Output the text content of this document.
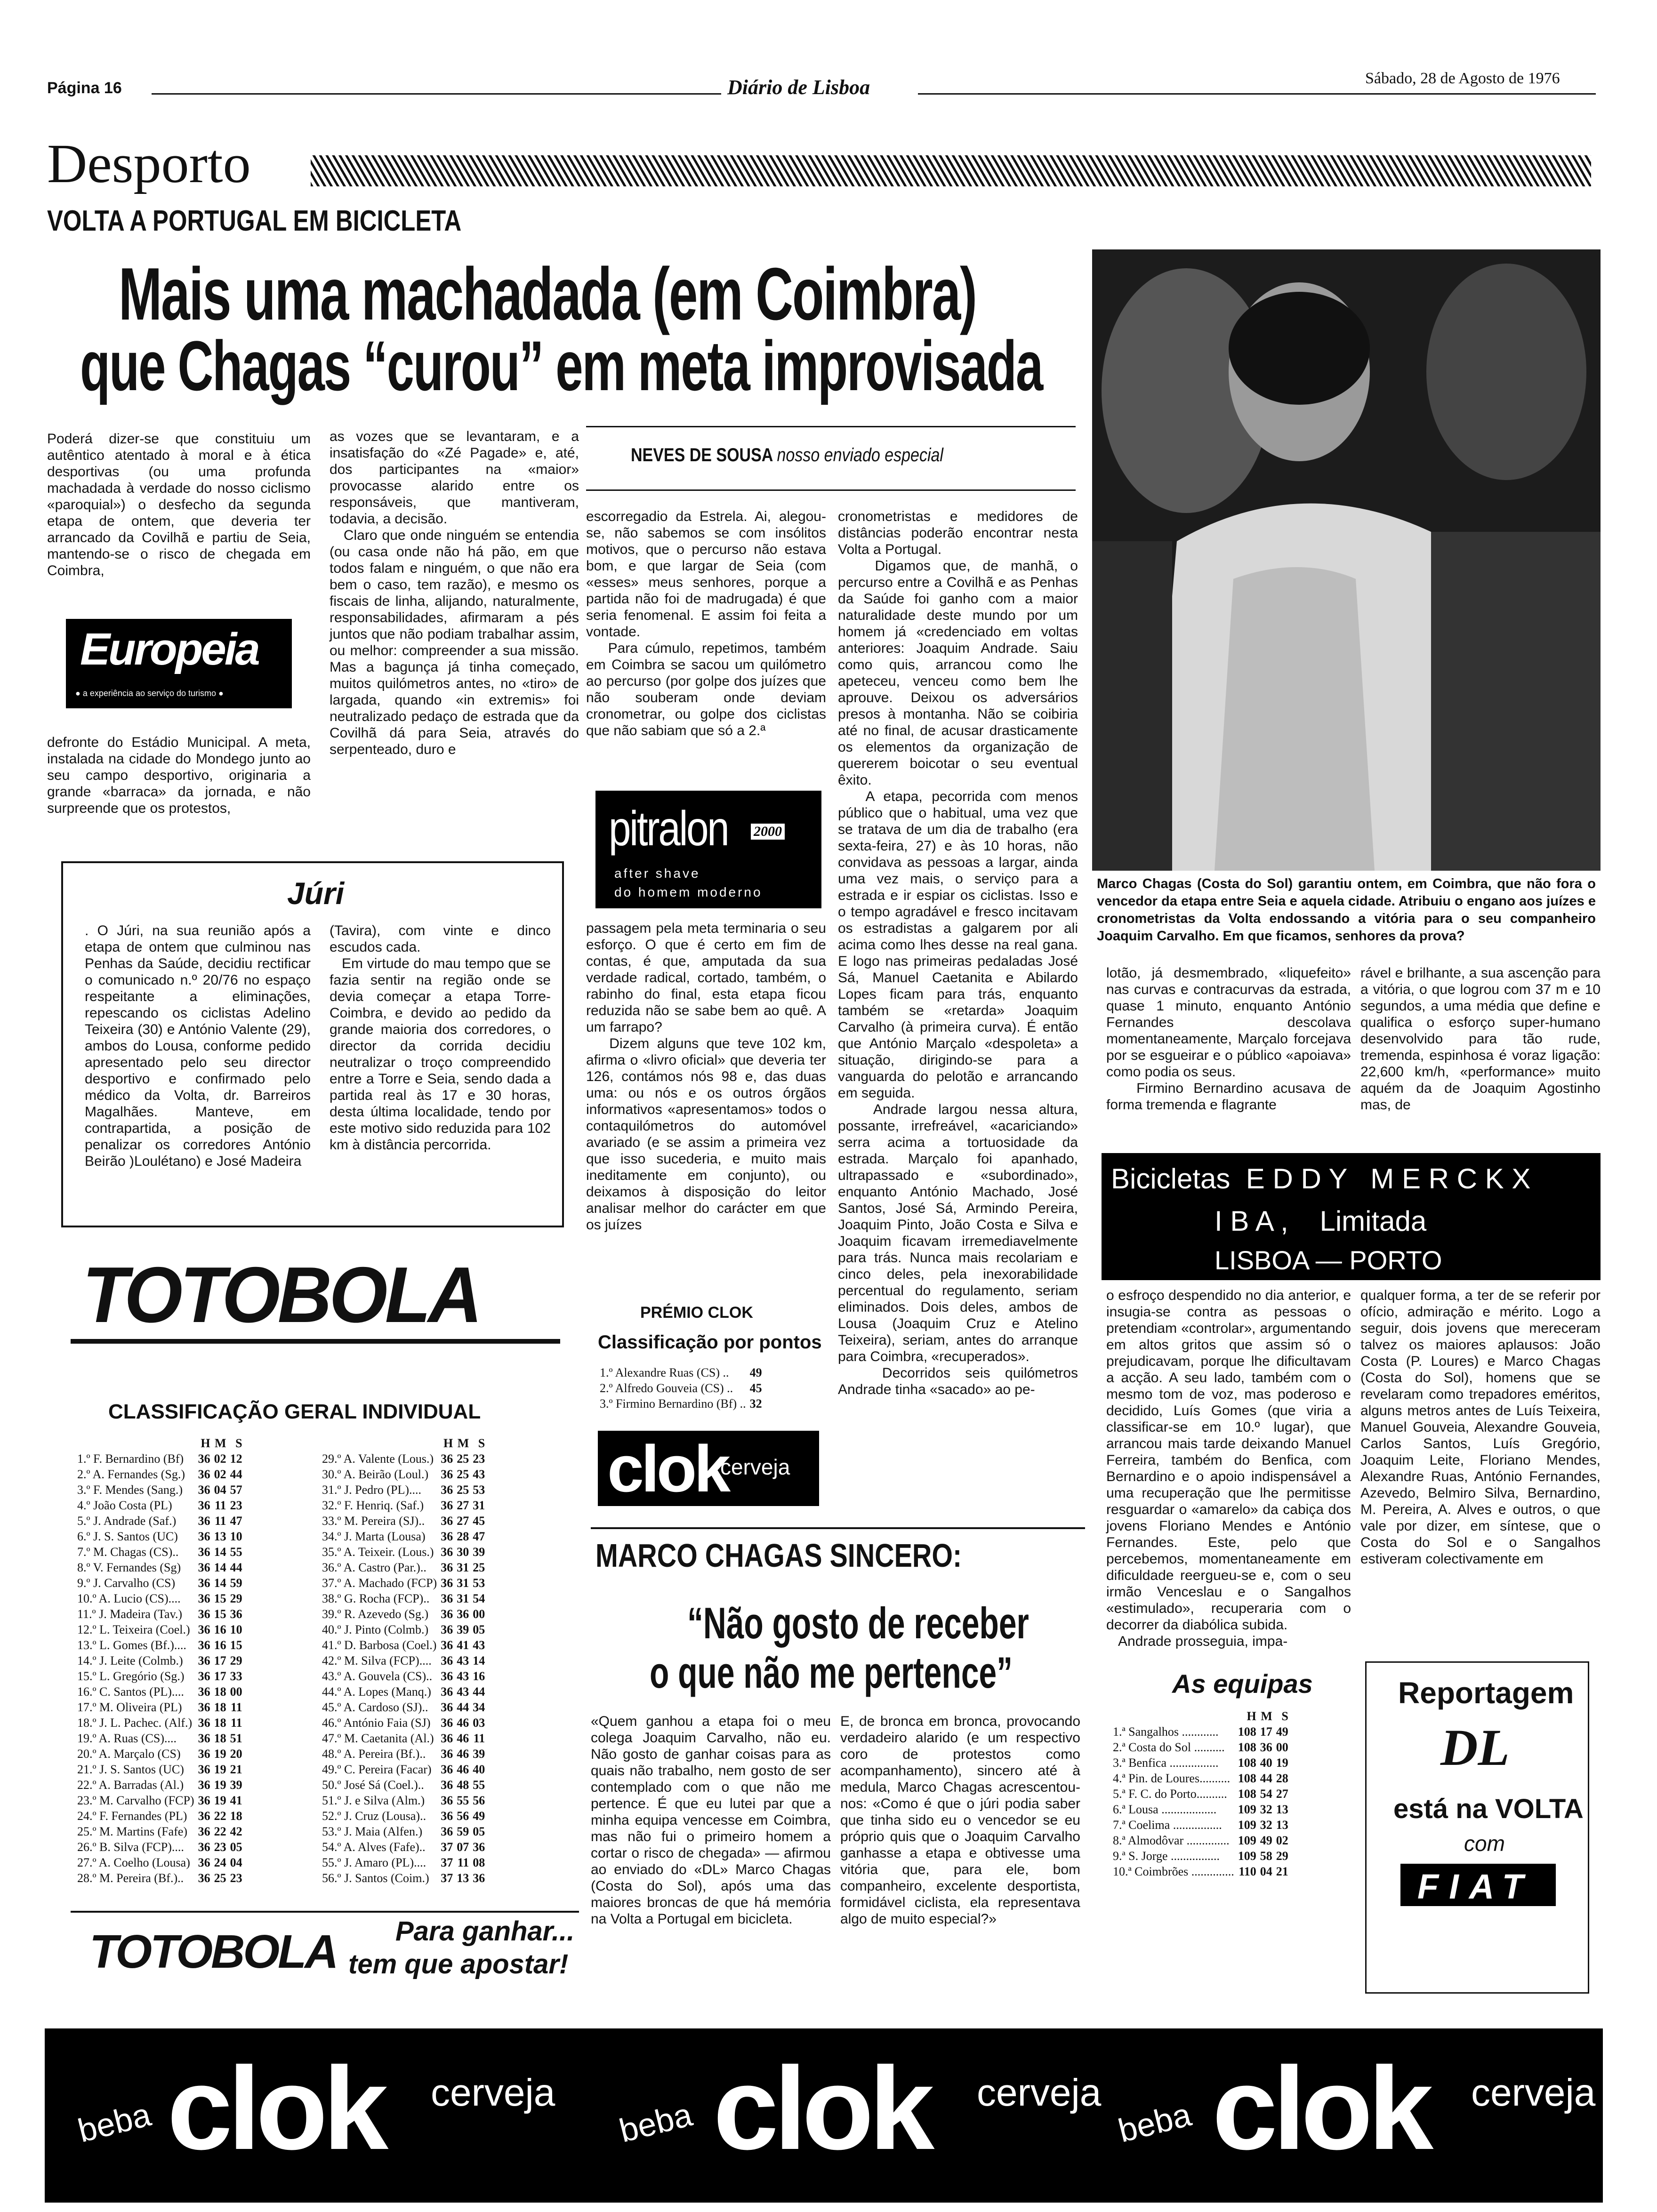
Página 16	Diário de Lisboa	Sábado, 28 de Agosto de 1976
Desporto
VOLTA A PORTUGAL EM BICICLETA
Mais uma machadada (em Coimbra)
que Chagas “curou” em meta improvisada
Poderá dizer-se que constituiu um autêntico atentado à moral e à ética desportivas (ou uma profunda machadada à verdade do nosso ciclismo «paroquial») o desfecho da segunda etapa de ontem, que deveria ter arrancado da Covilhã e partiu de Seia, mantendo-se o risco de chegada em Coimbra,
Europeia
● a experiência ao serviço do turismo ●
defronte do Estádio Municipal. A meta, instalada na cidade do Mondego junto ao seu campo desportivo, originaria a grande «barraca» da jornada, e não surpreende que os protestos,
as vozes que se levantaram, e a insatisfação do «Zé Pagade» e, até, dos participantes na «maior» provocasse alarido entre os responsáveis, que mantiveram, todavia, a decisão.
Claro que onde ninguém se entendia (ou casa onde não há pão, em que todos falam e ninguém, o que não era bem o caso, tem razão), e mesmo os fiscais de linha, alijando, naturalmente, responsabilidades, afirmaram a pés juntos que não podiam trabalhar assim, ou melhor: compreender a sua missão. Mas a bagunça já tinha começado, muitos quilómetros antes, no «tiro» de largada, quando «in extremis» foi neutralizado pedaço de estrada que da Covilhã dá para Seia, através do serpenteado, duro e
NEVES DE SOUSA nosso enviado especial
escorregadio da Estrela. Ai, alegou-se, não sabemos se com insólitos motivos, que o percurso não estava bom, e que largar de Seia (com «esses» meus senhores, porque a partida não foi de madrugada) é que seria fenomenal. E assim foi feita a vontade.
Para cúmulo, repetimos, também em Coimbra se sacou um quilómetro ao percurso (por golpe dos juízes que não souberam onde deviam cronometrar, ou golpe dos ciclistas que não sabiam que só a 2.ª
pitralon 2000
after shave
do homem moderno
passagem pela meta terminaria o seu esforço. O que é certo em fim de contas, é que, amputada da sua verdade radical, cortado, também, o rabinho do final, esta etapa ficou reduzida não se sabe bem ao quê. A um farrapo?
Dizem alguns que teve 102 km, afirma o «livro oficial» que deveria ter 126, contámos nós 98 e, das duas uma: ou nós e os outros órgãos informativos «apresentamos» todos o contaquilómetros do automóvel avariado (e se assim a primeira vez que isso sucederia, e muito mais ineditamente em conjunto), ou deixamos à disposição do leitor analisar melhor do carácter em que os juízes
cronometristas e medidores de distâncias poderão encontrar nesta Volta a Portugal.
Digamos que, de manhã, o percurso entre a Covilhã e as Penhas da Saúde foi ganho com a maior naturalidade deste mundo por um homem já «credenciado em voltas anteriores: Joaquim Andrade. Saiu como quis, arrancou como lhe apeteceu, venceu como bem lhe aprouve. Deixou os adversários presos à montanha. Não se coibiria até no final, de acusar drasticamente os elementos da organização de quererem boicotar o seu eventual êxito.
A etapa, pecorrida com menos público que o habitual, uma vez que se tratava de um dia de trabalho (era sexta-feira, 27) e às 10 horas, não convidava as pessoas a largar, ainda uma vez mais, o serviço para a estrada e ir espiar os ciclistas. Isso e o tempo agradável e fresco incitavam os estradistas a galgarem por ali acima como lhes desse na real gana. E logo nas primeiras pedaladas José Sá, Manuel Caetanita e Abilardo Lopes ficam para trás, enquanto também se «retarda» Joaquim Carvalho (à primeira curva). É então que António Marçalo «despoleta» a situação, dirigindo-se para a vanguarda do pelotão e arrancando em seguida.
Andrade largou nessa altura, possante, irrefreável, «acariciando» serra acima a tortuosidade da estrada. Marçalo foi apanhado, ultrapassado e «subordinado», enquanto António Machado, José Santos, José Sá, Armindo Pereira, Joaquim Pinto, João Costa e Silva e Joaquim ficavam irremediavelmente para trás. Nunca mais recolariam e cinco deles, pela inexorabilidade percentual do regulamento, seriam eliminados. Dois deles, ambos de Lousa (Joaquim Cruz e Atelino Teixeira), seriam, antes do arranque para Coimbra, «recuperados».
Decorridos seis quilómetros Andrade tinha «sacado» ao pe-
Marco Chagas (Costa do Sol) garantiu ontem, em Coimbra, que não fora o vencedor da etapa entre Seia e aquela cidade. Atribuiu o engano aos juízes e cronometristas da Volta endossando a vitória para o seu companheiro Joaquim Carvalho. Em que ficamos, senhores da prova?
Júri
. O Júri, na sua reunião após a etapa de ontem que culminou nas Penhas da Saúde, decidiu rectificar o comunicado n.º 20/76 no espaço respeitante a eliminações, repescando os ciclistas Adelino Teixeira (30) e António Valente (29), ambos do Lousa, conforme pedido apresentado pelo seu director desportivo e confirmado pelo médico da Volta, dr. Barreiros Magalhães. Manteve, em contrapartida, a posição de penalizar os corredores António Beirão )Loulétano) e José Madeira
(Tavira), com vinte e dinco escudos cada.
Em virtude do mau tempo que se fazia sentir na região onde se devia começar a etapa Torre-Coimbra, e devido ao pedido da grande maioria dos corredores, o director da corrida decidiu neutralizar o troço compreendido entre a Torre e Seia, sendo dada a partida real às 17 e 30 horas, desta última localidade, tendo por este motivo sido reduzida para 102 km à distância percorrida.
lotão, já desmembrado, «liquefeito» nas curvas e contracurvas da estrada, quase 1 minuto, enquanto António Fernandes descolava momentaneamente, Marçalo forcejava por se esgueirar e o público «apoiava» como podia os seus.
Firmino Bernardino acusava de forma tremenda e flagrante
rável e brilhante, a sua ascenção para a vitória, o que logrou com 37 m e 10 segundos, a uma média que define e qualifica o esforço super-humano desenvolvido para tão rude, tremenda, espinhosa é voraz ligação: 22,600 km/h, «performance» muito aquém da de Joaquim Agostinho mas, de
Bicicletas  E D D Y   M E R C K X
I B A ,    Limitada
LISBOA — PORTO
o esfroço despendido no dia anterior, e insugia-se contra as pessoas o pretendiam «controlar», argumentando em altos gritos que assim só o prejudicavam, porque lhe dificultavam a acção. A seu lado, também com o mesmo tom de voz, mas poderoso e decidido, Luís Gomes (que viria a classificar-se em 10.º lugar), que arrancou mais tarde deixando Manuel Ferreira, também do Benfica, com Bernardino e o apoio indispensável a uma recuperação que lhe permitisse resguardar o «amarelo» da cabiça dos jovens Floriano Mendes e António Fernandes. Este, pelo que percebemos, momentaneamente em dificuldade reergueu-se e, com o seu irmão Venceslau e o Sangalhos «estimulado», recuperaria com o decorrer da diabólica subida.
Andrade prosseguia, impa-
qualquer forma, a ter de se referir por ofício, admiração e mérito. Logo a seguir, dois jovens que mereceram talvez os maiores aplausos: João Costa (P. Loures) e Marco Chagas (Costa do Sol), homens que se revelaram como trepadores eméritos, alguns metros antes de Luís Teixeira, Manuel Gouveia, Alexandre Gouveia, Carlos Santos, Luís Gregório, Joaquim Leite, Floriano Mendes, Alexandre Ruas, António Fernandes, Azevedo, Belmiro Silva, Bernardino, M. Pereira, A. Alves e outros, o que vale por dizer, em síntese, que o Costa do Sol e o Sangalhos estiveram colectivamente em
TOTOBOLA
CLASSIFICAÇÃO GERAL INDIVIDUAL
	H	M	S
1.º F. Bernardino (Bf)	36	02	12
2.º A. Fernandes (Sg.)	36	02	44
3.º F. Mendes (Sang.)	36	04	57
4.º João Costa (PL)	36	11	23
5.º J. Andrade (Saf.)	36	11	47
6.º J. S. Santos (UC)	36	13	10
7.º M. Chagas (CS)..	36	14	55
8.º V. Fernandes (Sg)	36	14	44
9.º J. Carvalho (CS)	36	14	59
10.º A. Lucio (CS)....	36	15	29
11.º J. Madeira (Tav.)	36	15	36
12.º L. Teixeira (Coel.)	36	16	10
13.º L. Gomes (Bf.)....	36	16	15
14.º J. Leite (Colmb.)	36	17	29
15.º L. Gregório (Sg.)	36	17	33
16.º C. Santos (PL)....	36	18	00
17.º M. Oliveira (PL)	36	18	11
18.º J. L. Pachec. (Alf.)	36	18	11
19.º A. Ruas (CS)....	36	18	51
20.º A. Marçalo (CS)	36	19	20
21.º J. S. Santos (UC)	36	19	21
22.º A. Barradas (Al.)	36	19	39
23.º M. Carvalho (FCP)	36	19	41
24.º F. Fernandes (PL)	36	22	18
25.º M. Martins (Fafe)	36	22	42
26.º B. Silva (FCP)....	36	23	05
27.º A. Coelho (Lousa)	36	24	04
28.º M. Pereira (Bf.)..	36	25	23
	H	M	S
29.º A. Valente (Lous.)	36	25	23
30.º A. Beirão (Loul.)	36	25	43
31.º J. Pedro (PL)....	36	25	53
32.º F. Henriq. (Saf.)	36	27	31
33.º M. Pereira (SJ)..	36	27	45
34.º J. Marta (Lousa)	36	28	47
35.º A. Teixeir. (Lous.)	36	30	39
36.º A. Castro (Par.)..	36	31	25
37.º A. Machado (FCP)	36	31	53
38.º G. Rocha (FCP)..	36	31	54
39.º R. Azevedo (Sg.)	36	36	00
40.º J. Pinto (Colmb.)	36	39	05
41.º D. Barbosa (Coel.)	36	41	43
42.º M. Silva (FCP)....	36	43	14
43.º A. Gouvela (CS)..	36	43	16
44.º A. Lopes (Manq.)	36	43	44
45.º A. Cardoso (SJ)..	36	44	34
46.º António Faia (SJ)	36	46	03
47.º M. Caetanita (Al.)	36	46	11
48.º A. Pereira (Bf.)..	36	46	39
49.º C. Pereira (Facar)	36	46	40
50.º José Sá (Coel.)..	36	48	55
51.º J. e Silva (Alm.)	36	55	56
52.º J. Cruz (Lousa)..	36	56	49
53.º J. Maia (Alfen.)	36	59	05
54.º A. Alves (Fafe)..	37	07	36
55.º J. Amaro (PL)....	37	11	08
56.º J. Santos (Coim.)	37	13	36
TOTOBOLA Para ganhar...
tem que apostar!
PRÉMIO CLOK
Classificação por pontos
1.º Alexandre Ruas (CS) ..	49
2.º Alfredo Gouveia (CS) ..	45
3.º Firmino Bernardino (Bf) ..	32
clok
cerveja
MARCO CHAGAS SINCERO:
“Não gosto de receber
o que não me pertence”
«Quem ganhou a etapa foi o meu colega Joaquim Carvalho, não eu. Não gosto de ganhar coisas para as quais não trabalho, nem gosto de ser contemplado com o que não me pertence. É que eu lutei par que a minha equipa vencesse em Coimbra, mas não fui o primeiro homem a cortar o risco de chegada» — afirmou ao enviado do «DL» Marco Chagas (Costa do Sol), após uma das maiores broncas de que há memória na Volta a Portugal em bicicleta.
E, de bronca em bronca, provocando verdadeiro alarido (e um respectivo coro de protestos como acompanhamento), sincero até à medula, Marco Chagas acrescentou-nos: «Como é que o júri podia saber que tinha sido eu o vencedor se eu próprio quis que o Joaquim Carvalho ganhasse a etapa e obtivesse uma vitória que, para ele, bom companheiro, excelente desportista, formidável ciclista, ela representava algo de muito especial?»
As equipas
	H	M	S
1.ª Sangalhos ............	108	17	49
2.ª Costa do Sol ..........	108	36	00
3.ª Benfica ................	108	40	19
4.ª Pin. de Loures..........	108	44	28
5.ª F. C. do Porto..........	108	54	27
6.ª Lousa ..................	109	32	13
7.ª Coelima ................	109	32	13
8.ª Almodôvar ..............	109	49	02
9.ª S. Jorge ................	109	58	29
10.ª Coimbrões ..............	110	04	21
Reportagem
DL
está na VOLTA
com
FIAT
beba clok cerveja
beba clok cerveja
beba clok cerveja
